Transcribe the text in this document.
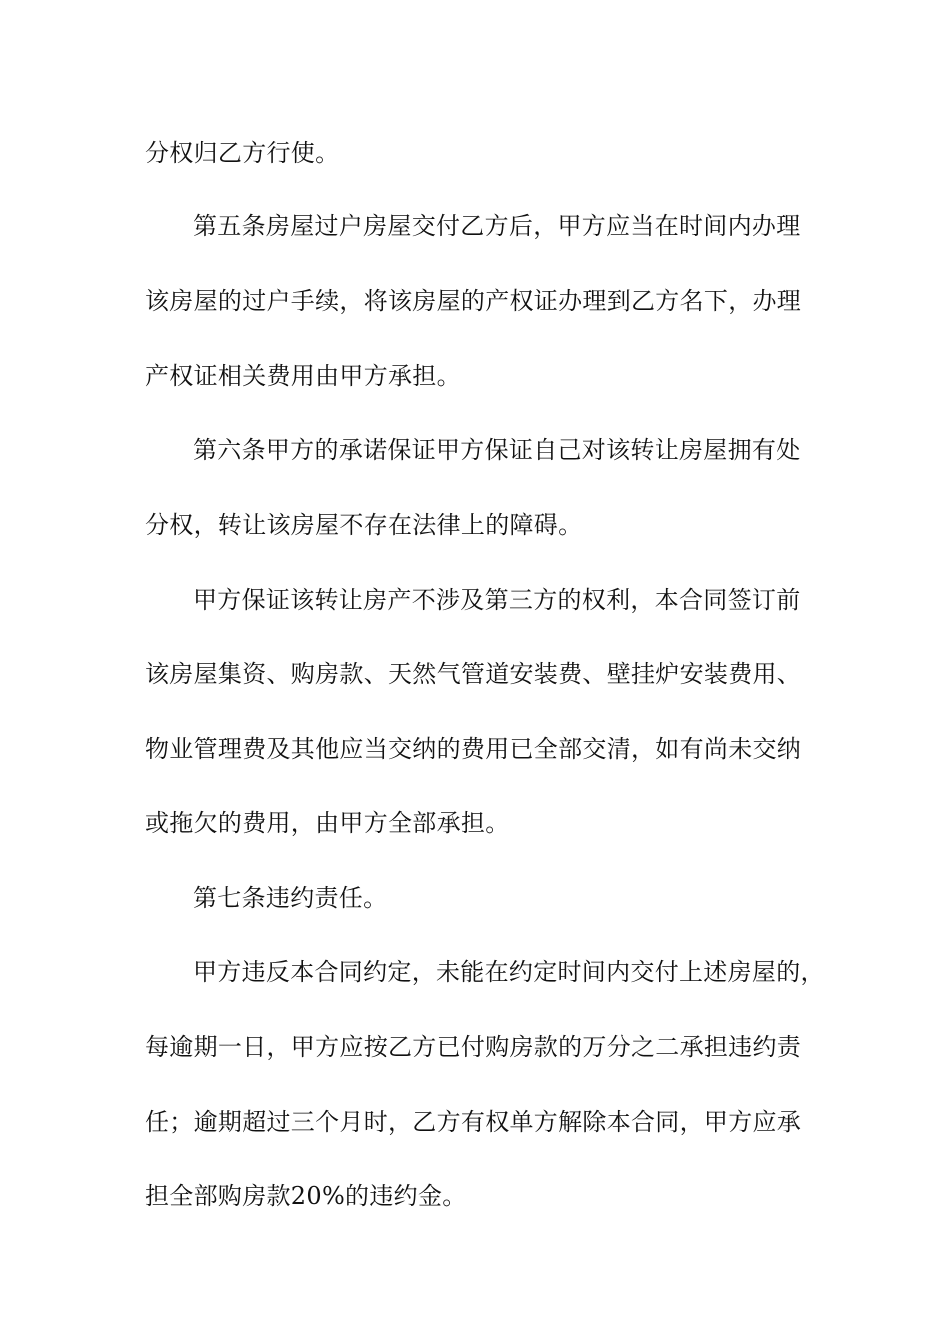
分权归乙方行使。
第五条房屋过户房屋交付乙方后，甲方应当在时间内办理
该房屋的过户手续，将该房屋的产权证办理到乙方名下，办理
产权证相关费用由甲方承担。
第六条甲方的承诺保证甲方保证自己对该转让房屋拥有处
分权，转让该房屋不存在法律上的障碍。
甲方保证该转让房产不涉及第三方的权利，本合同签订前
该房屋集资、购房款、天然气管道安装费、壁挂炉安装费用、
物业管理费及其他应当交纳的费用已全部交清，如有尚未交纳
或拖欠的费用，由甲方全部承担。
第七条违约责任。
甲方违反本合同约定，未能在约定时间内交付上述房屋的，
每逾期一日，甲方应按乙方已付购房款的万分之二承担违约责
任；逾期超过三个月时，乙方有权单方解除本合同，甲方应承
担全部购房款20%的违约金。
